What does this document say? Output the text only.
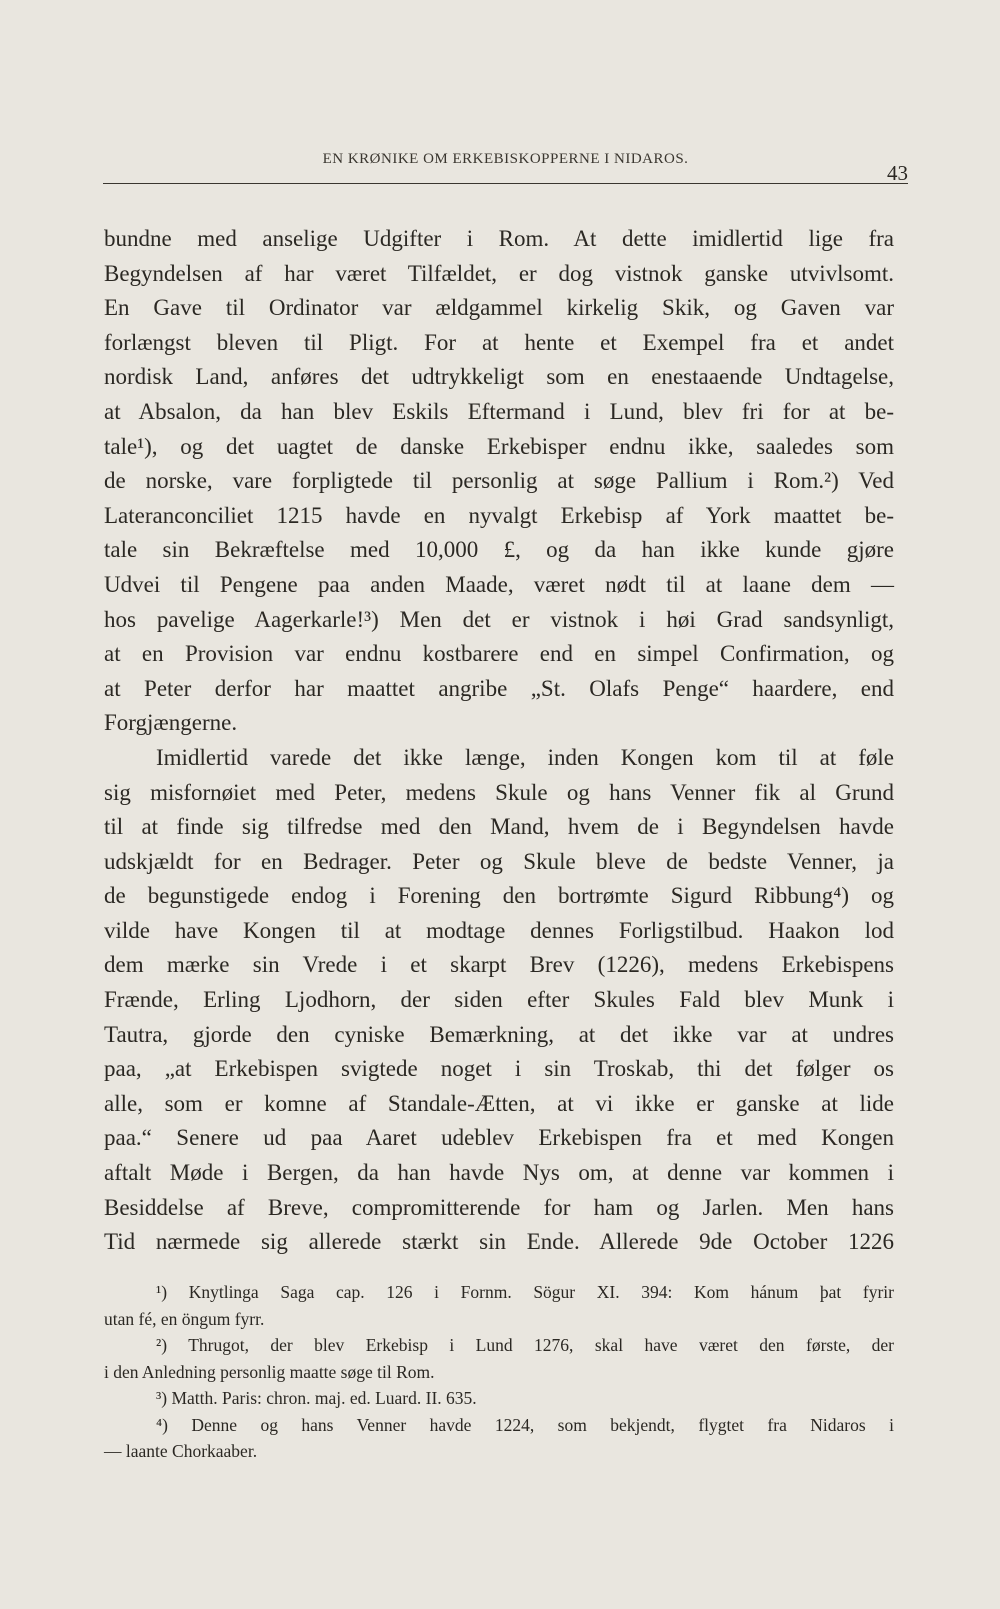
EN KRØNIKE OM ERKEBISKOPPERNE I NIDAROS.
43
bundne med anselige Udgifter i Rom. At dette imidlertid lige fra
Begyndelsen af har været Tilfældet, er dog vistnok ganske utvivlsomt.
En Gave til Ordinator var ældgammel kirkelig Skik, og Gaven var
forlængst bleven til Pligt. For at hente et Exempel fra et andet
nordisk Land, anføres det udtrykkeligt som en enestaaende Undtagelse,
at Absalon, da han blev Eskils Eftermand i Lund, blev fri for at be-
tale¹), og det uagtet de danske Erkebisper endnu ikke, saaledes som
de norske, vare forpligtede til personlig at søge Pallium i Rom.²) Ved
Lateranconciliet 1215 havde en nyvalgt Erkebisp af York maattet be-
tale sin Bekræftelse med 10,000 £, og da han ikke kunde gjøre
Udvei til Pengene paa anden Maade, været nødt til at laane dem —
hos pavelige Aagerkarle!³) Men det er vistnok i høi Grad sandsynligt,
at en Provision var endnu kostbarere end en simpel Confirmation, og
at Peter derfor har maattet angribe „St. Olafs Penge“ haardere, end
Forgjængerne.
Imidlertid varede det ikke længe, inden Kongen kom til at føle
sig misfornøiet med Peter, medens Skule og hans Venner fik al Grund
til at finde sig tilfredse med den Mand, hvem de i Begyndelsen havde
udskjældt for en Bedrager. Peter og Skule bleve de bedste Venner, ja
de begunstigede endog i Forening den bortrømte Sigurd Ribbung⁴) og
vilde have Kongen til at modtage dennes Forligstilbud. Haakon lod
dem mærke sin Vrede i et skarpt Brev (1226), medens Erkebispens
Frænde, Erling Ljodhorn, der siden efter Skules Fald blev Munk i
Tautra, gjorde den cyniske Bemærkning, at det ikke var at undres
paa, „at Erkebispen svigtede noget i sin Troskab, thi det følger os
alle, som er komne af Standale-Ætten, at vi ikke er ganske at lide
paa.“ Senere ud paa Aaret udeblev Erkebispen fra et med Kongen
aftalt Møde i Bergen, da han havde Nys om, at denne var kommen i
Besiddelse af Breve, compromitterende for ham og Jarlen. Men hans
Tid nærmede sig allerede stærkt sin Ende. Allerede 9de October 1226
¹) Knytlinga Saga cap. 126 i Fornm. Sögur XI. 394: Kom hánum þat fyrir
utan fé, en öngum fyrr.
²) Thrugot, der blev Erkebisp i Lund 1276, skal have været den første, der
i den Anledning personlig maatte søge til Rom.
³) Matth. Paris: chron. maj. ed. Luard. II. 635.
⁴) Denne og hans Venner havde 1224, som bekjendt, flygtet fra Nidaros i
— laante Chorkaaber.
